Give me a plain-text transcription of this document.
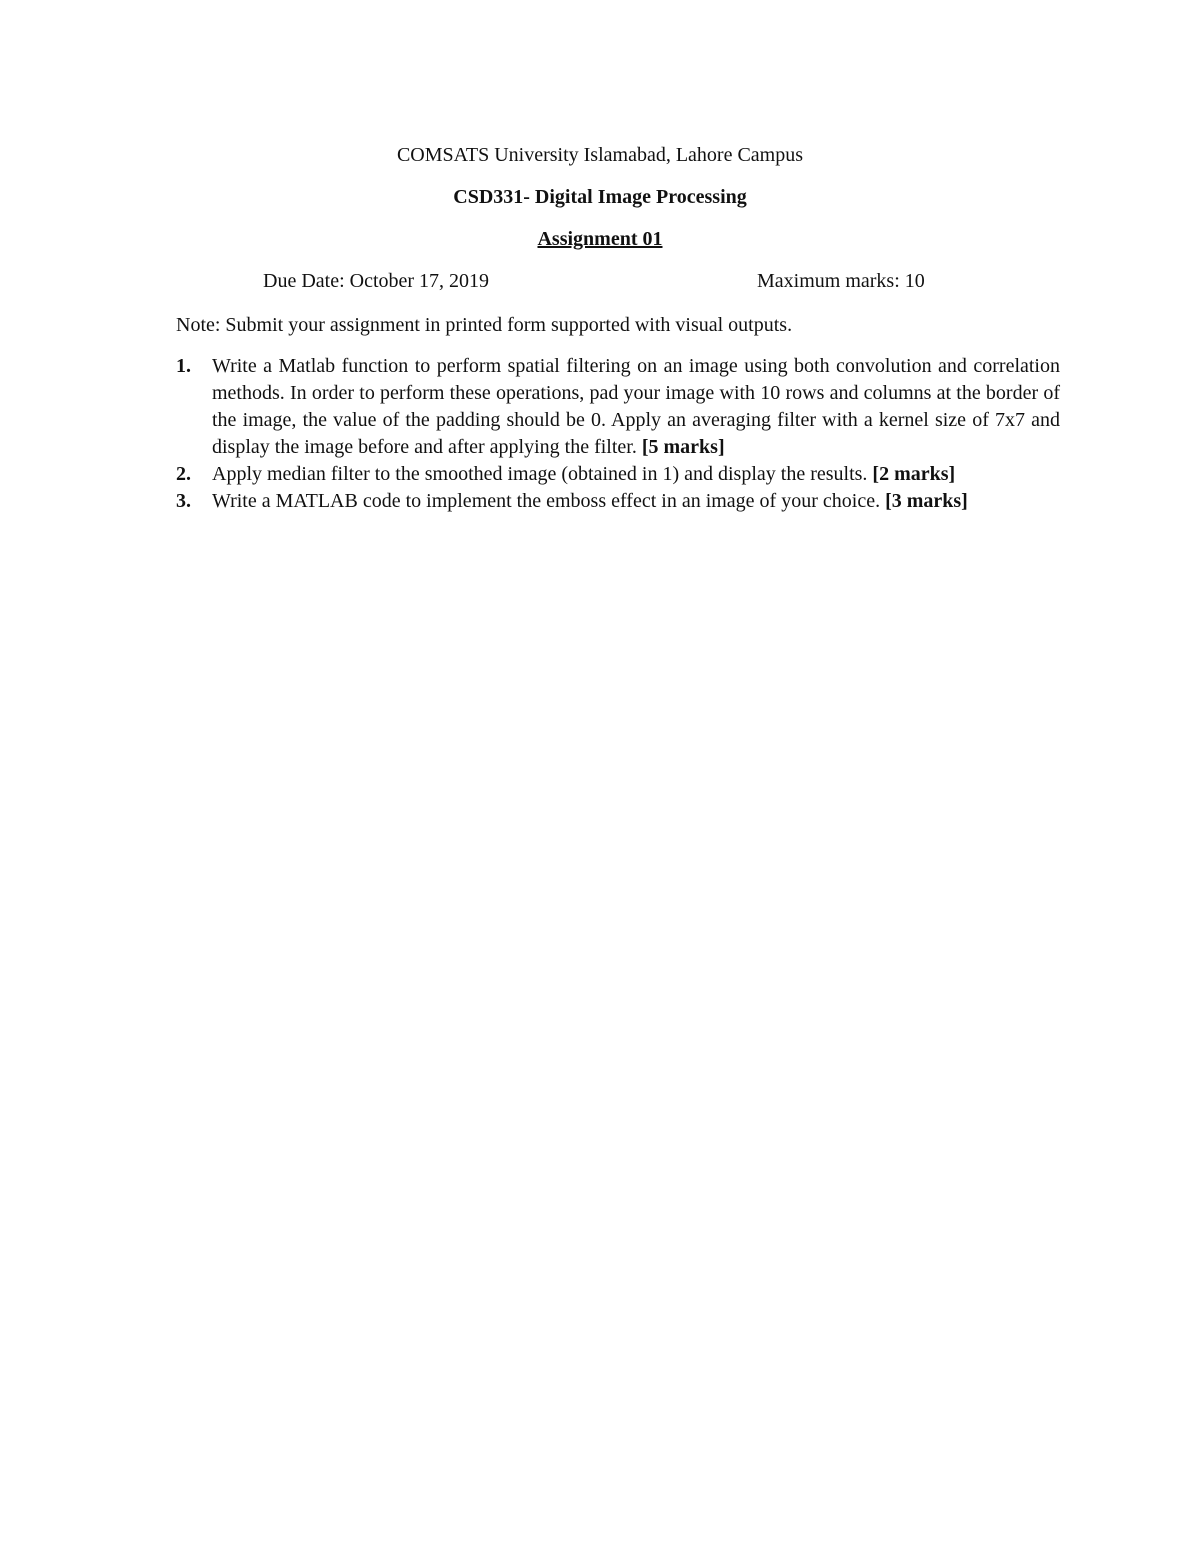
COMSATS University Islamabad, Lahore Campus
CSD331- Digital Image Processing
Assignment 01
Due Date: October 17, 2019	Maximum marks: 10
Note: Submit your assignment in printed form supported with visual outputs.
1.	Write a Matlab function to perform spatial filtering on an image using both convolution and correlation methods. In order to perform these operations, pad your image with 10 rows and columns at the border of the image, the value of the padding should be 0. Apply an averaging filter with a kernel size of 7x7 and display the image before and after applying the filter. [5 marks]
2.	Apply median filter to the smoothed image (obtained in 1) and display the results. [2 marks]
3.	Write a MATLAB code to implement the emboss effect in an image of your choice. [3 marks]
